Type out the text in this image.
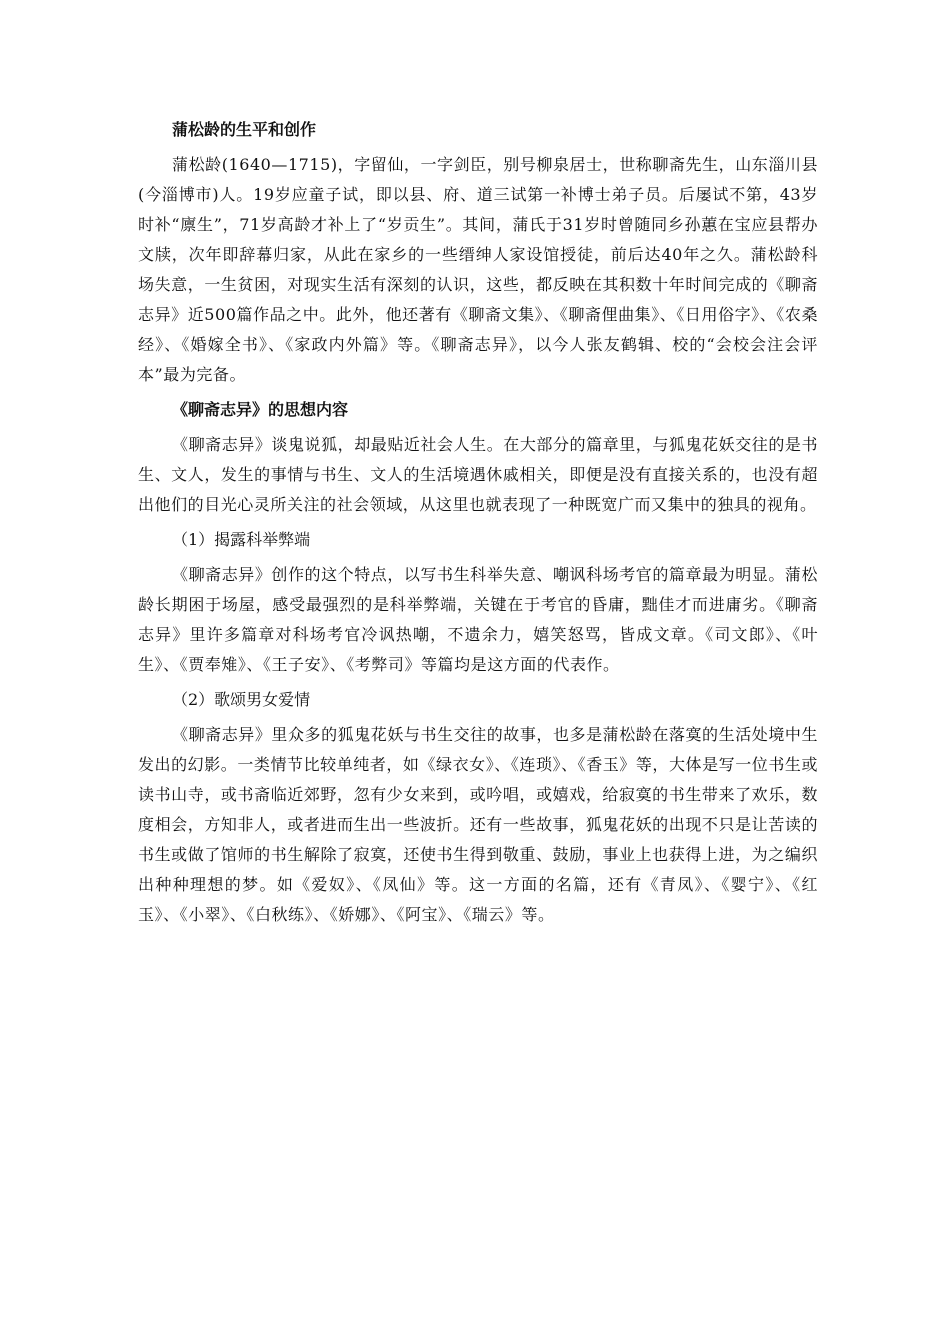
蒲松龄的生平和创作

蒲松龄(1640—1715)，字留仙，一字剑臣，别号柳泉居士，世称聊斋先生，山东淄川县(今淄博市)人。19岁应童子试，即以县、府、道三试第一补博士弟子员。后屡试不第，43岁时补“廪生”，71岁高龄才补上了“岁贡生”。其间，蒲氏于31岁时曾随同乡孙蕙在宝应县帮办文牍，次年即辞幕归家，从此在家乡的一些缙绅人家设馆授徒，前后达40年之久。蒲松龄科场失意，一生贫困，对现实生活有深刻的认识，这些，都反映在其积数十年时间完成的《聊斋志异》近500篇作品之中。此外，他还著有《聊斋文集》、《聊斋俚曲集》、《日用俗字》、《农桑经》、《婚嫁全书》、《家政内外篇》等。《聊斋志异》，以今人张友鹤辑、校的“会校会注会评本”最为完备。

《聊斋志异》的思想内容

《聊斋志异》谈鬼说狐，却最贴近社会人生。在大部分的篇章里，与狐鬼花妖交往的是书生、文人，发生的事情与书生、文人的生活境遇休戚相关，即便是没有直接关系的，也没有超出他们的目光心灵所关注的社会领域，从这里也就表现了一种既宽广而又集中的独具的视角。

（1）揭露科举弊端

《聊斋志异》创作的这个特点，以写书生科举失意、嘲讽科场考官的篇章最为明显。蒲松龄长期困于场屋，感受最强烈的是科举弊端，关键在于考官的昏庸，黜佳才而进庸劣。《聊斋志异》里许多篇章对科场考官冷讽热嘲，不遗余力，嬉笑怒骂，皆成文章。《司文郎》、《叶生》、《贾奉雉》、《王子安》、《考弊司》等篇均是这方面的代表作。

（2）歌颂男女爱情

《聊斋志异》里众多的狐鬼花妖与书生交往的故事，也多是蒲松龄在落寞的生活处境中生发出的幻影。一类情节比较单纯者，如《绿衣女》、《连琐》、《香玉》等，大体是写一位书生或读书山寺，或书斋临近郊野，忽有少女来到，或吟唱，或嬉戏，给寂寞的书生带来了欢乐，数度相会，方知非人，或者进而生出一些波折。还有一些故事，狐鬼花妖的出现不只是让苦读的书生或做了馆师的书生解除了寂寞，还使书生得到敬重、鼓励，事业上也获得上进，为之编织出种种理想的梦。如《爱奴》、《凤仙》等。这一方面的名篇，还有《青凤》、《婴宁》、《红玉》、《小翠》、《白秋练》、《娇娜》、《阿宝》、《瑞云》等。
